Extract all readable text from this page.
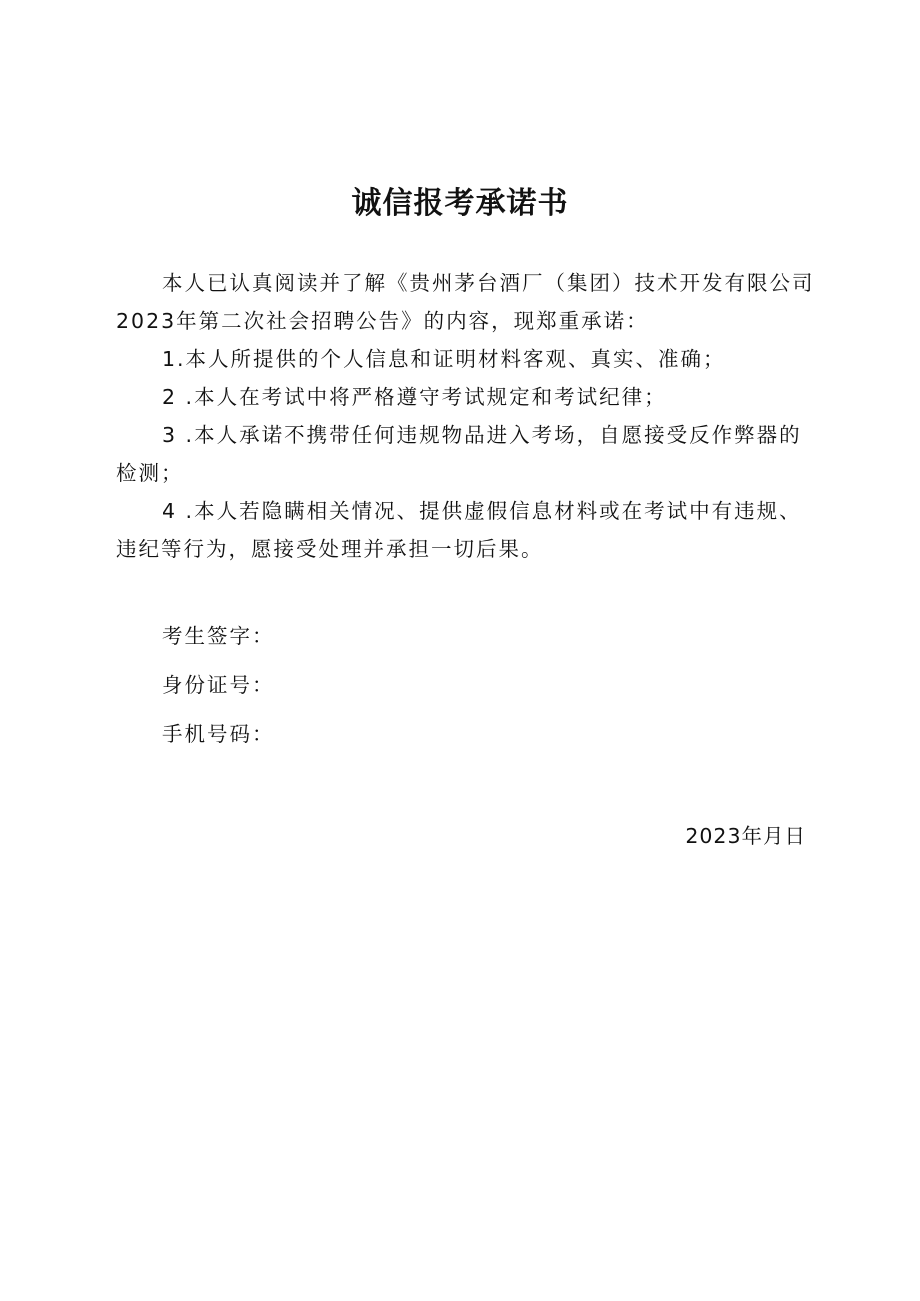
诚信报考承诺书

本人已认真阅读并了解《贵州茅台酒厂（集团）技术开发有限公司2023年第二次社会招聘公告》的内容，现郑重承诺：

1.本人所提供的个人信息和证明材料客观、真实、准确；

2 .本人在考试中将严格遵守考试规定和考试纪律；

3 .本人承诺不携带任何违规物品进入考场，自愿接受反作弊器的检测；

4 .本人若隐瞒相关情况、提供虚假信息材料或在考试中有违规、违纪等行为，愿接受处理并承担一切后果。

考生签字：

身份证号：

手机号码：

2023年月日
